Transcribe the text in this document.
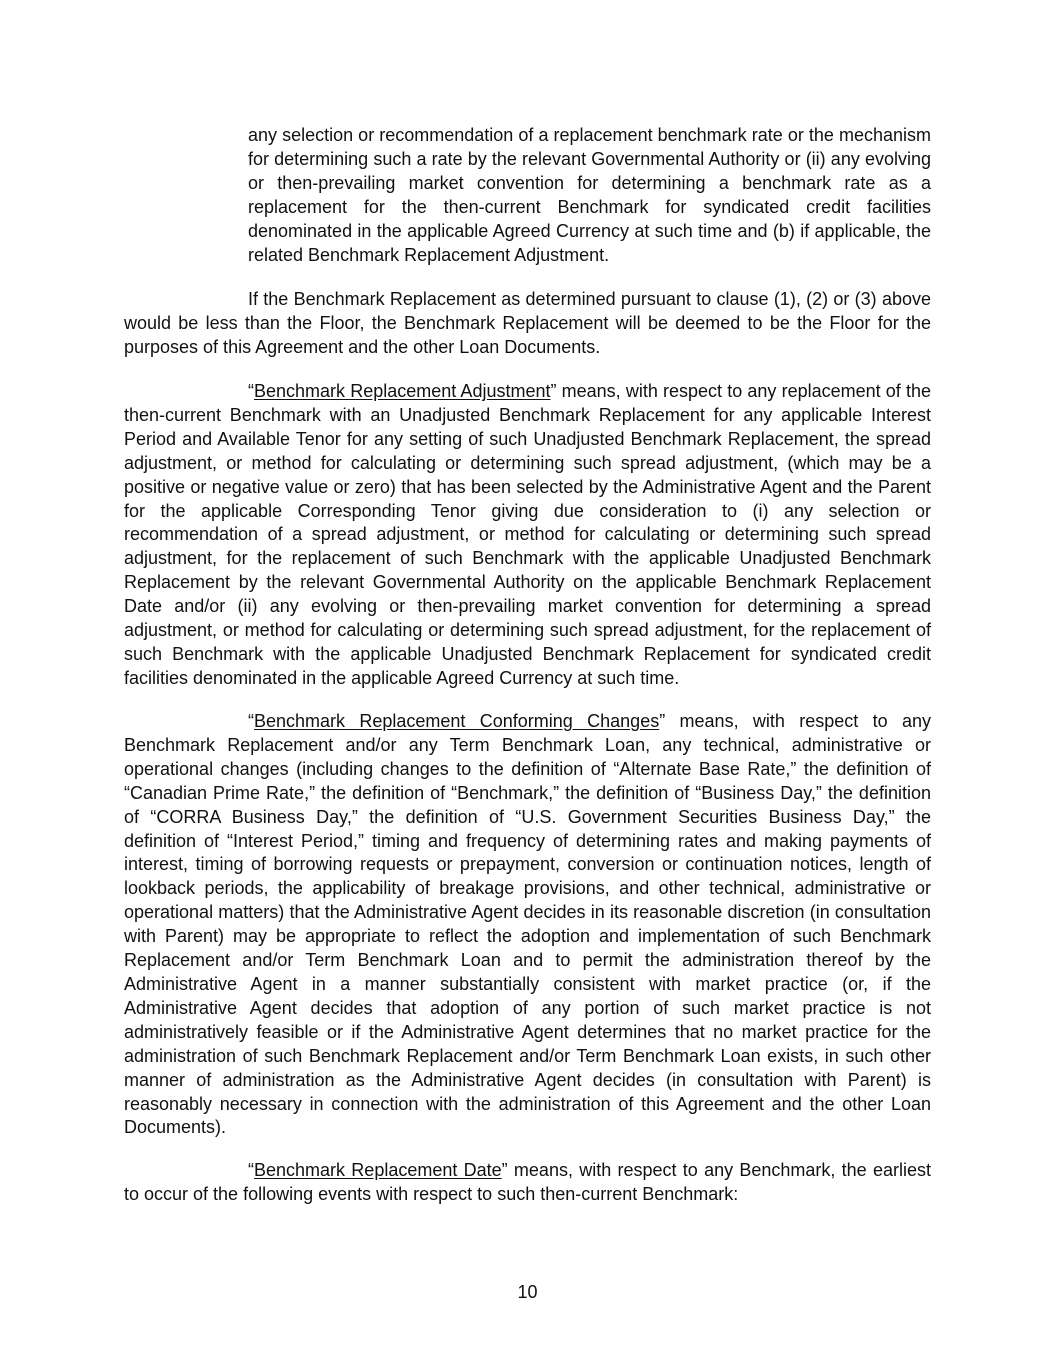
any selection or recommendation of a replacement benchmark rate or the mechanism for determining such a rate by the relevant Governmental Authority or (ii) any evolving or then-prevailing market convention for determining a benchmark rate as a replacement for the then-current Benchmark for syndicated credit facilities denominated in the applicable Agreed Currency at such time and (b) if applicable, the related Benchmark Replacement Adjustment.

If the Benchmark Replacement as determined pursuant to clause (1), (2) or (3) above would be less than the Floor, the Benchmark Replacement will be deemed to be the Floor for the purposes of this Agreement and the other Loan Documents.

“Benchmark Replacement Adjustment” means, with respect to any replacement of the then-current Benchmark with an Unadjusted Benchmark Replacement for any applicable Interest Period and Available Tenor for any setting of such Unadjusted Benchmark Replacement, the spread adjustment, or method for calculating or determining such spread adjustment, (which may be a positive or negative value or zero) that has been selected by the Administrative Agent and the Parent for the applicable Corresponding Tenor giving due consideration to (i) any selection or recommendation of a spread adjustment, or method for calculating or determining such spread adjustment, for the replacement of such Benchmark with the applicable Unadjusted Benchmark Replacement by the relevant Governmental Authority on the applicable Benchmark Replacement Date and/or (ii) any evolving or then-prevailing market convention for determining a spread adjustment, or method for calculating or determining such spread adjustment, for the replacement of such Benchmark with the applicable Unadjusted Benchmark Replacement for syndicated credit facilities denominated in the applicable Agreed Currency at such time.

“Benchmark Replacement Conforming Changes” means, with respect to any Benchmark Replacement and/or any Term Benchmark Loan, any technical, administrative or operational changes (including changes to the definition of “Alternate Base Rate,” the definition of “Canadian Prime Rate,” the definition of “Benchmark,” the definition of “Business Day,” the definition of “CORRA Business Day,” the definition of “U.S. Government Securities Business Day,” the definition of “Interest Period,” timing and frequency of determining rates and making payments of interest, timing of borrowing requests or prepayment, conversion or continuation notices, length of lookback periods, the applicability of breakage provisions, and other technical, administrative or operational matters) that the Administrative Agent decides in its reasonable discretion (in consultation with Parent) may be appropriate to reflect the adoption and implementation of such Benchmark Replacement and/or Term Benchmark Loan and to permit the administration thereof by the Administrative Agent in a manner substantially consistent with market practice (or, if the Administrative Agent decides that adoption of any portion of such market practice is not administratively feasible or if the Administrative Agent determines that no market practice for the administration of such Benchmark Replacement and/or Term Benchmark Loan exists, in such other manner of administration as the Administrative Agent decides (in consultation with Parent) is reasonably necessary in connection with the administration of this Agreement and the other Loan Documents).

“Benchmark Replacement Date” means, with respect to any Benchmark, the earliest to occur of the following events with respect to such then-current Benchmark:

10
